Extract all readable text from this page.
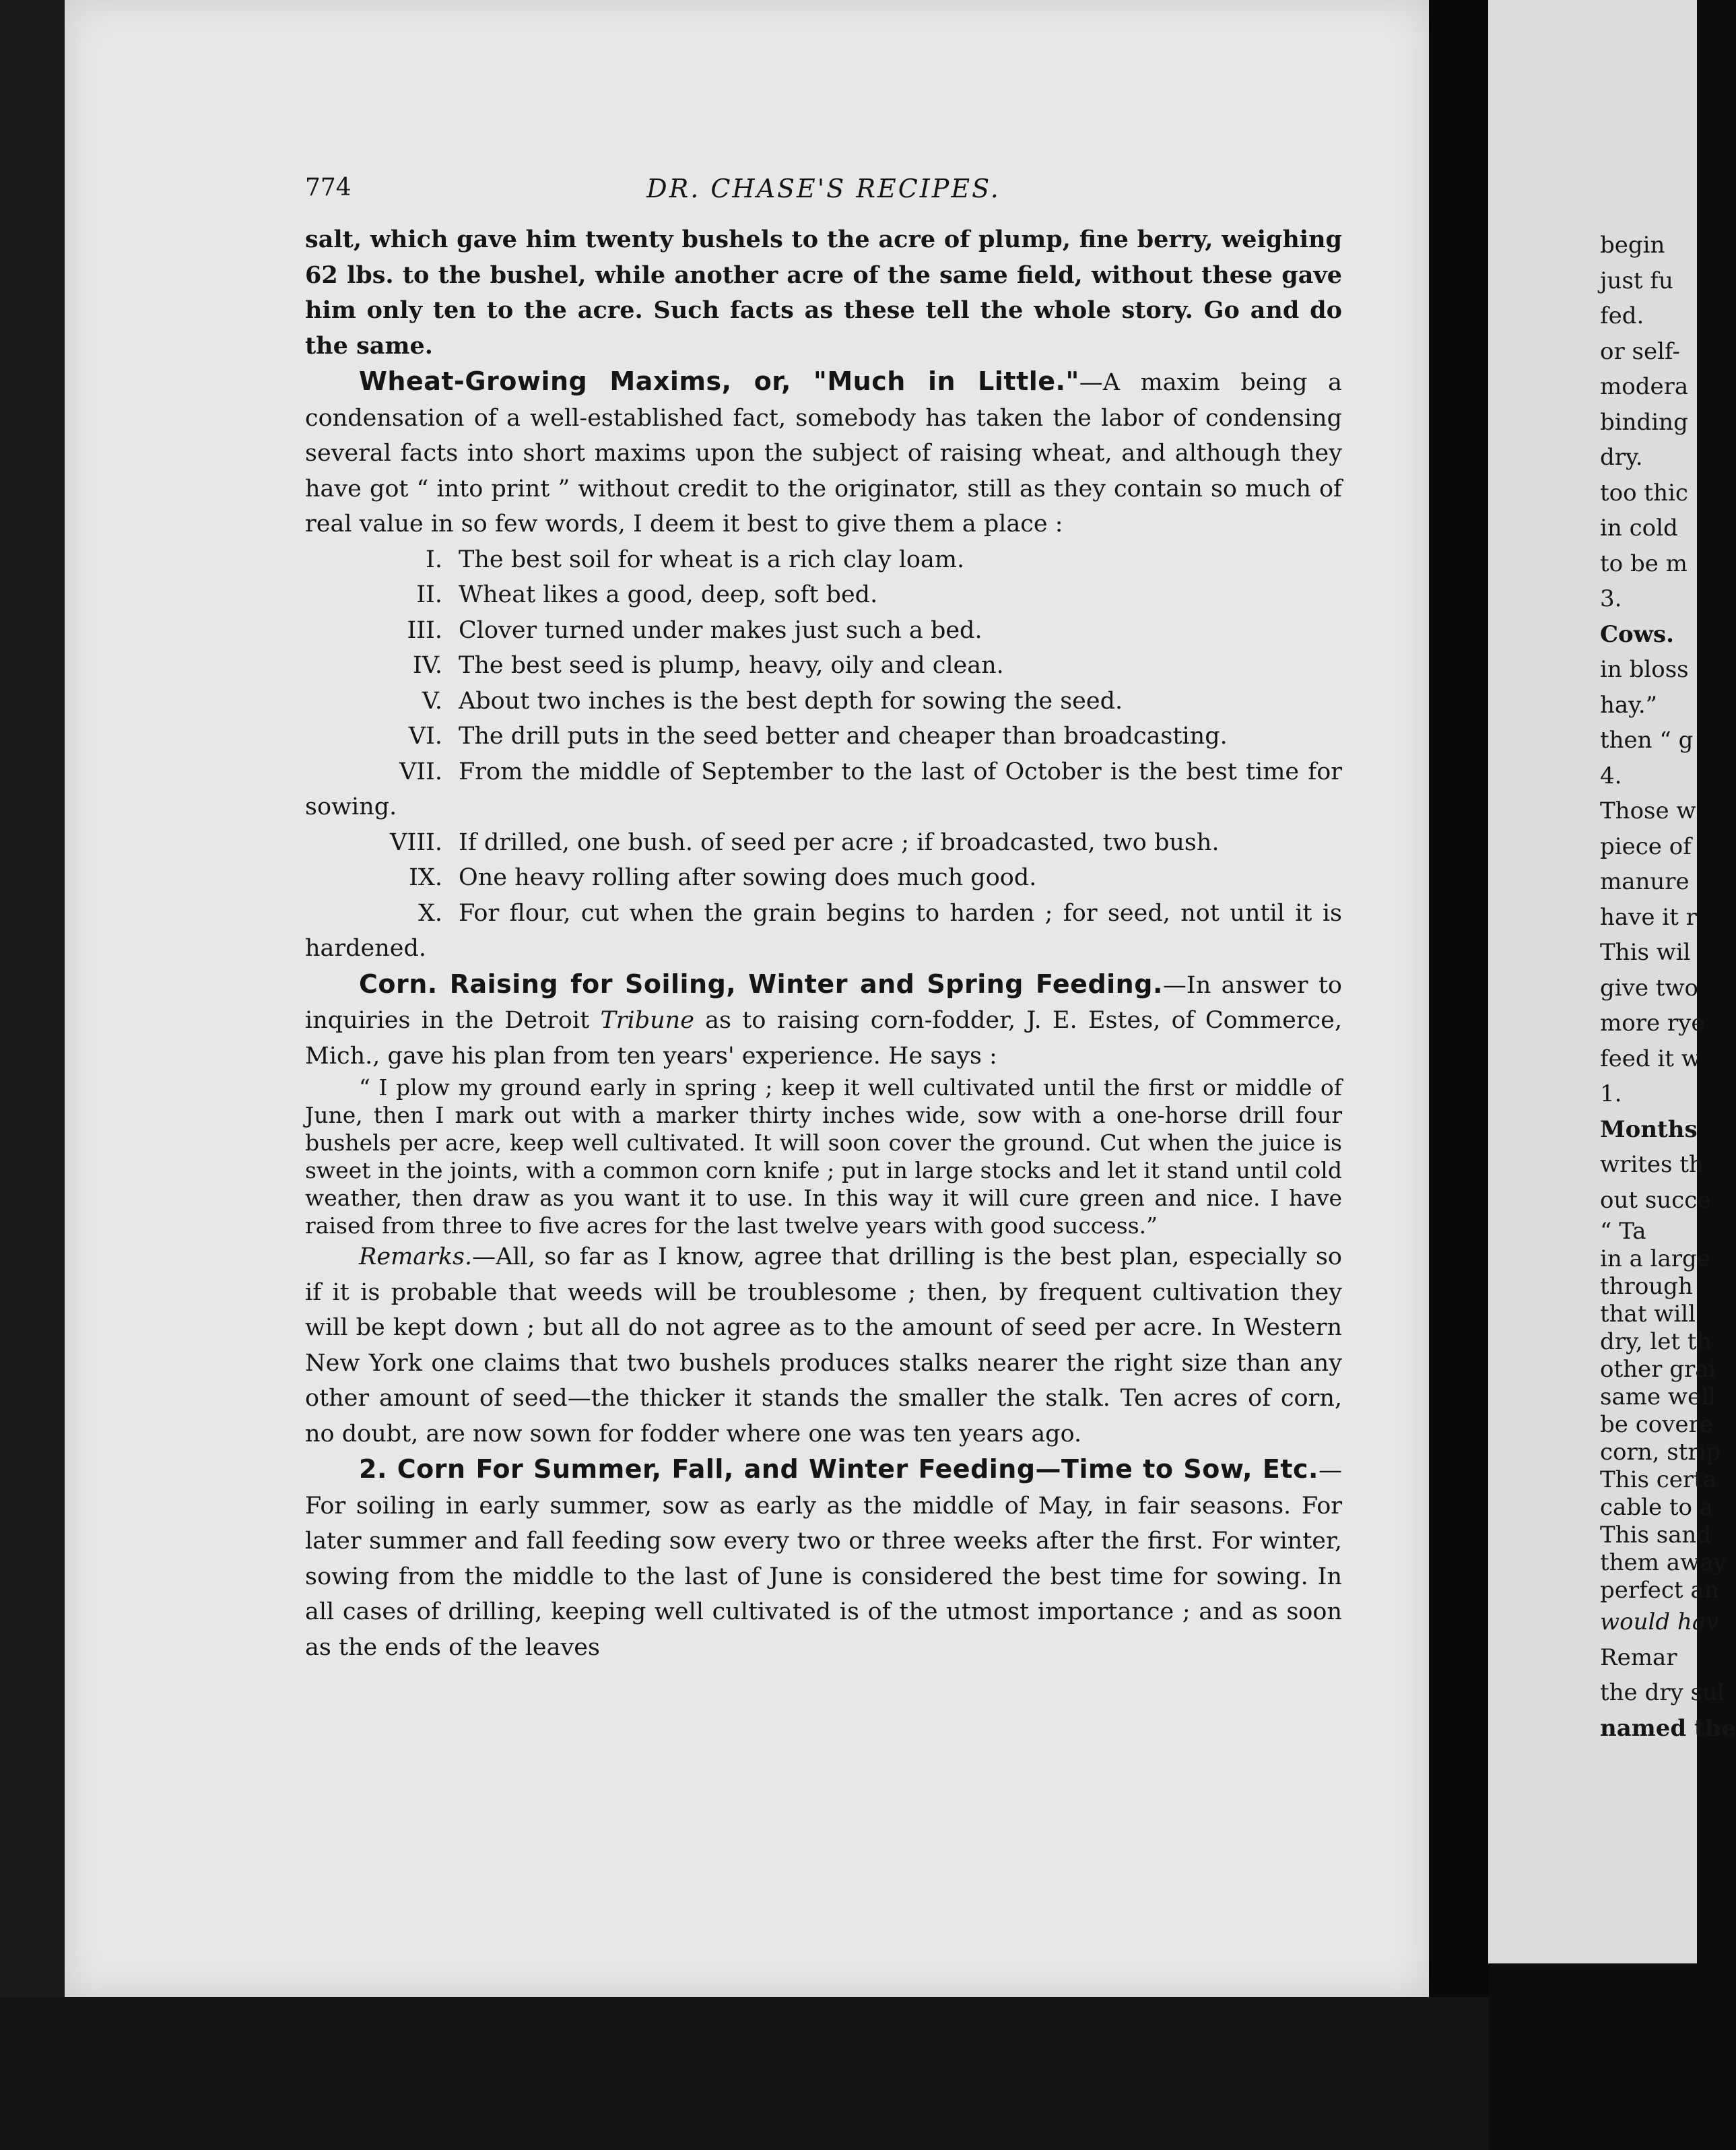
774	DR. CHASE'S RECIPES.

salt, which gave him twenty bushels to the acre of plump, fine berry, weighing 62 lbs. to the bushel, while another acre of the same field, without these gave him only ten to the acre. Such facts as these tell the whole story. Go and do the same.

Wheat-Growing Maxims, or, "Much in Little."—A maxim being a condensation of a well-established fact, somebody has taken the labor of condensing several facts into short maxims upon the subject of raising wheat, and although they have got “ into print ” without credit to the originator, still as they contain so much of real value in so few words, I deem it best to give them a place :

I. The best soil for wheat is a rich clay loam.
II. Wheat likes a good, deep, soft bed.
III. Clover turned under makes just such a bed.
IV. The best seed is plump, heavy, oily and clean.
V. About two inches is the best depth for sowing the seed.
VI. The drill puts in the seed better and cheaper than broadcasting.
VII. From the middle of September to the last of October is the best time for sowing.
VIII. If drilled, one bush. of seed per acre ; if broadcasted, two bush.
IX. One heavy rolling after sowing does much good.
X. For flour, cut when the grain begins to harden ; for seed, not until it is hardened.

Corn. Raising for Soiling, Winter and Spring Feeding.—In answer to inquiries in the Detroit Tribune as to raising corn-fodder, J. E. Estes, of Commerce, Mich., gave his plan from ten years' experience. He says :

“ I plow my ground early in spring ; keep it well cultivated until the first or middle of June, then I mark out with a marker thirty inches wide, sow with a one-horse drill four bushels per acre, keep well cultivated. It will soon cover the ground. Cut when the juice is sweet in the joints, with a common corn knife ; put in large stocks and let it stand until cold weather, then draw as you want it to use. In this way it will cure green and nice. I have raised from three to five acres for the last twelve years with good success.”

Remarks.—All, so far as I know, agree that drilling is the best plan, especially so if it is probable that weeds will be troublesome ; then, by frequent cultivation they will be kept down ; but all do not agree as to the amount of seed per acre. In Western New York one claims that two bushels produces stalks nearer the right size than any other amount of seed—the thicker it stands the smaller the stalk. Ten acres of corn, no doubt, are now sown for fodder where one was ten years ago.

2. Corn For Summer, Fall, and Winter Feeding—Time to Sow, Etc.—For soiling in early summer, sow as early as the middle of May, in fair seasons. For later summer and fall feeding sow every two or three weeks after the first. For winter, sowing from the middle to the last of June is considered the best time for sowing. In all cases of drilling, keeping well cultivated is of the utmost importance ; and as soon as the ends of the leaves

begin
just fu
fed.
or self-
modera
binding
dry.
too thic
in cold
to be m
3.
Cows.
in bloss
hay.”
then “ g
4.
Those w
piece of
manure
have it r
This wil
give two
more rye
feed it w
1.
Months
writes th
out succe
“ Ta
in a large
through
that will
dry, let th
other grai
same well
be covere
corn, strip
This certa
cable to a
This sand
them away
perfect an
would hav
Remar
the dry sul
named the
